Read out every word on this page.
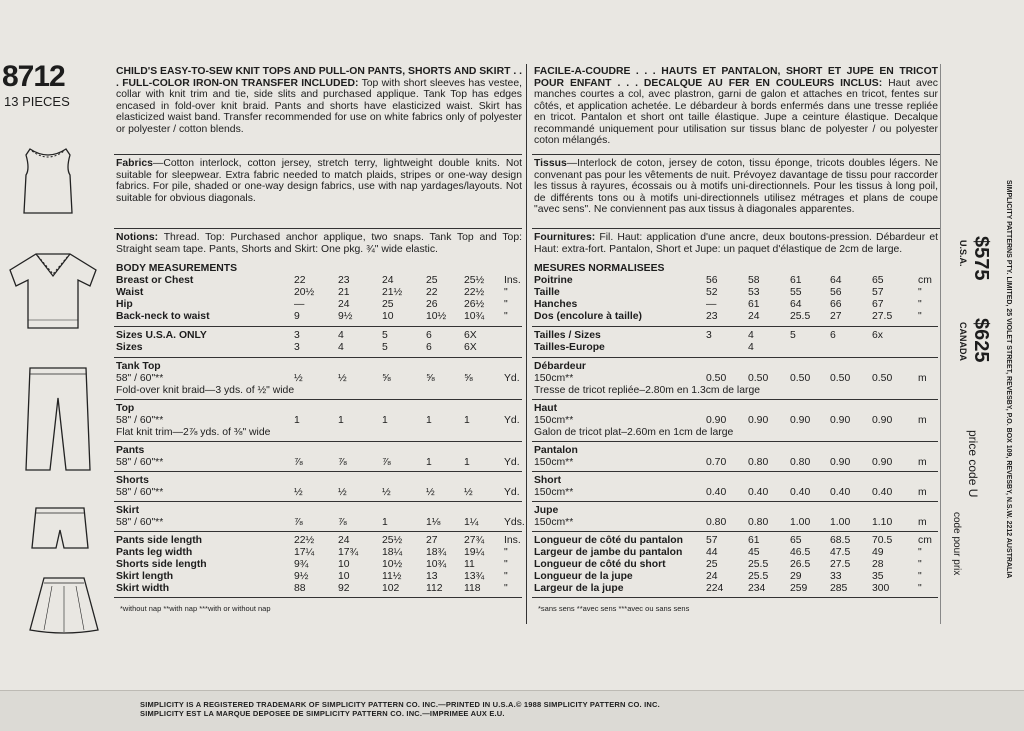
8712
13 PIECES
CHILD'S EASY-TO-SEW KNIT TOPS AND PULL-ON PANTS, SHORTS AND SKIRT . . . FULL-COLOR IRON-ON TRANSFER INCLUDED: Top with short sleeves has vestee, collar with knit trim and tie, side slits and purchased applique. Tank Top has edges encased in fold-over knit braid. Pants and shorts have elasticized waist. Skirt has elasticized waist band. Transfer recommended for use on white fabrics only of polyester or polyester / cotton blends.
Fabrics—Cotton interlock, cotton jersey, stretch terry, lightweight double knits. Not suitable for sleepwear. Extra fabric needed to match plaids, stripes or one-way design fabrics. For pile, shaded or one-way design fabrics, use with nap yardages/layouts. Not suitable for obvious diagonals.
Notions: Thread. Top: Purchased anchor applique, two snaps. Tank Top and Top: Straight seam tape. Pants, Shorts and Skirt: One pkg. ¾" wide elastic.
BODY MEASUREMENTS
Breast or Chest	22	23	24	25	25½ Ins.
Waist	20½ 21	21½ 22	22½ "
Hip	—	24	25	26	26½ "
Back-neck to waist	9	9½	10	10½ 10¾ "
Sizes U.S.A. ONLY	3	4	5	6	6X
Sizes	3	4	5	6	6X
Tank Top
58" / 60"**	½	½	⅝	⅝	⅝	Yd.
Fold-over knit braid—3 yds. of ½" wide
Top
58" / 60"**	1	1	1	1	1	Yd.
Flat knit trim—2⅞ yds. of ⅜" wide
Pants
58" / 60"**	⅞	⅞	⅞	1	1	Yd.
Shorts
58" / 60"**	½	½	½	½	½	Yd.
Skirt
58" / 60"**	⅞	⅞	1	1⅛ 1¼ Yds.
Pants side length	22½ 24	25½ 27	27¾ Ins.
Pants leg width	17¼ 17¾ 18¼ 18¾ 19¼ "
Shorts side length	9¾	10	10½ 10¾ 11	"
Skirt length	9½	10	11½ 13	13¾ "
Skirt width	88	92	102	112 118 "
*without nap **with nap ***with or without nap
FACILE-A-COUDRE . . . HAUTS ET PANTALON, SHORT ET JUPE EN TRICOT POUR ENFANT . . . DECALQUE AU FER EN COULEURS INCLUS: Haut avec manches courtes a col, avec plastron, garni de galon et attaches en tricot, fentes sur côtés, et application achetée. Le débardeur à bords enfermés dans une tresse repliée en tricot. Pantalon et short ont taille élastique. Jupe a ceinture élastique. Decalque recommandé uniquement pour utilisation sur tissus blanc de polyester / ou polyester coton mélangés.
Tissus—Interlock de coton, jersey de coton, tissu éponge, tricots doubles légers. Ne convenant pas pour les vêtements de nuit. Prévoyez davantage de tissu pour raccorder les tissus à rayures, écossais ou à motifs uni-directionnels. Pour les tissus à long poil, de différents tons ou à motifs uni-directionnels utilisez métrages et plans de coupe "avec sens". Ne conviennent pas aux tissus à diagonales apparentes.
Fournitures: Fil. Haut: application d'une ancre, deux boutons-pression. Débardeur et Haut: extra-fort. Pantalon, Short et Jupe: un paquet d'élastique de 2cm de large.
MESURES NORMALISEES
Poitrine	56	58	61	64	65	cm
Taille	52	53	55	56	57	"
Hanches	—	61	64	66	67	"
Dos (encolure à taille)	23	24	25.5 27	27.5 "
Tailles / Sizes	3	4	5	6	6x
Tailles-Europe	4
Débardeur
150cm**	0.50 0.50 0.50 0.50 0.50 m
Tresse de tricot repliée–2.80m en 1.3cm de large
Haut
150cm**	0.90 0.90 0.90 0.90 0.90 m
Galon de tricot plat–2.60m en 1cm de large
Pantalon
150cm**	0.70 0.80 0.80 0.90 0.90 m
Short
150cm**	0.40 0.40 0.40 0.40 0.40 m
Jupe
150cm**	0.80 0.80 1.00 1.00 1.10 m
Longueur de côté du pantalon 57	61	65	68.5 70.5 cm
Largeur de jambe du pantalon 44	45	46.5 47.5 49	"
Longueur de côté du short	25	25.5 26.5 27.5 28	"
Longueur de la jupe	24	25.5 29	33	35	"
Largeur de la jupe	224 234 259 285 300	"
*sans sens **avec sens ***avec ou sans sens
$575
U.S.A.
$625
CANADA
price code U
code pour prix	SIMPLICITY PATTERNS PTY. LIMITED, 25 VIOLET STREET, REVESBY, P.O. BOX 109, REVESBY, N.S.W. 2212 AUSTRALIA
SIMPLICITY IS A REGISTERED TRADEMARK OF SIMPLICITY PATTERN CO. INC.—PRINTED IN U.S.A.© 1988 SIMPLICITY PATTERN CO. INC.
SIMPLICITY EST LA MARQUE DEPOSEE DE SIMPLICITY PATTERN CO. INC.—IMPRIMEE AUX E.U.
